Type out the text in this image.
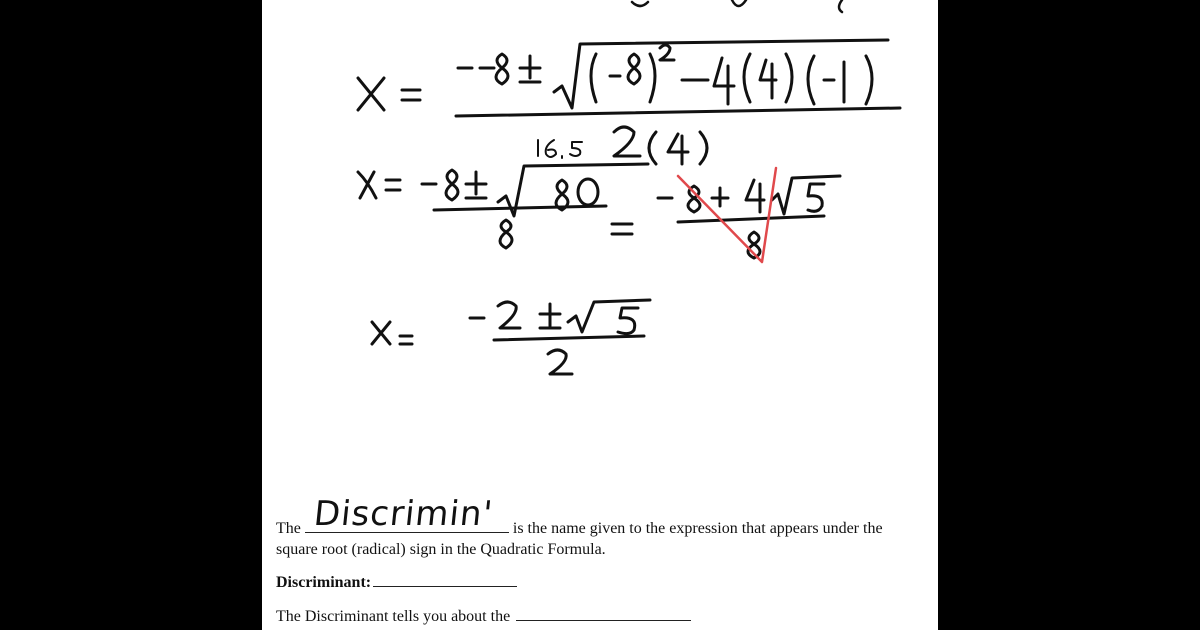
Discrimin'
The	is the name given to the expression that appears under the
square root (radical) sign in the Quadratic Formula.
Discriminant:
The Discriminant tells you about the
